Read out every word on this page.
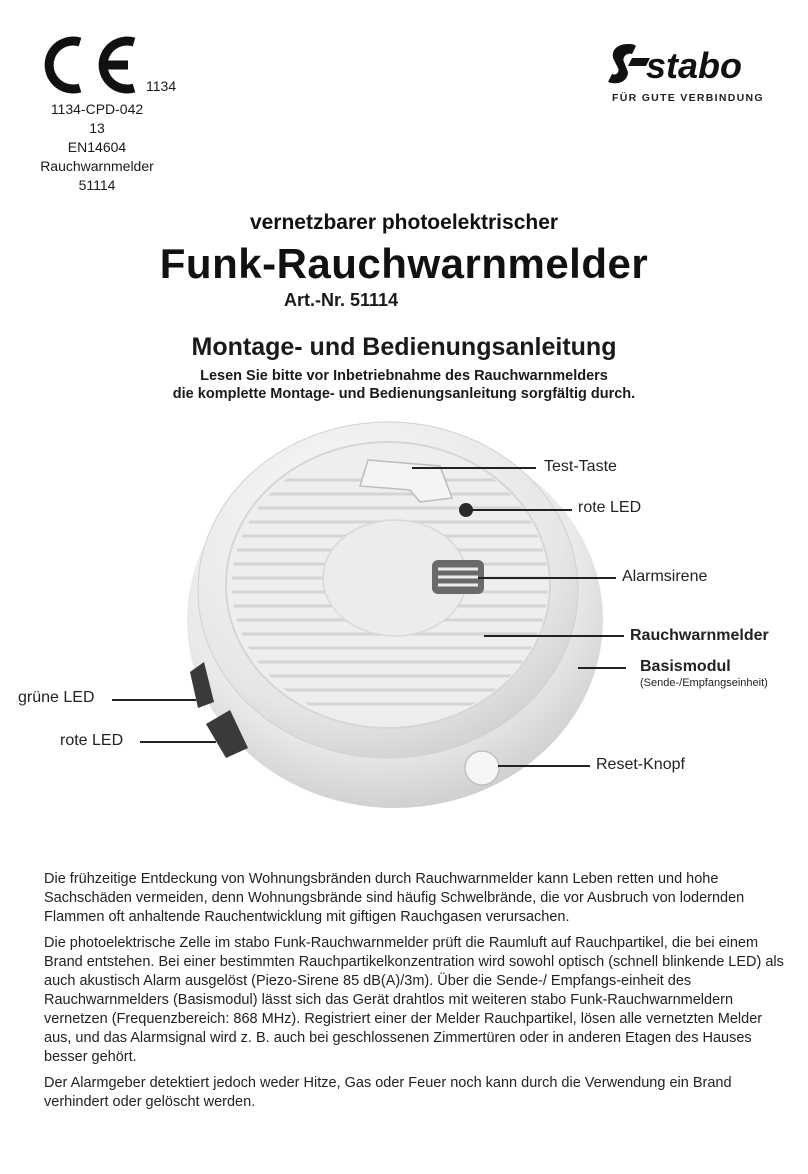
1134
1134-CPD-042
13
EN14604
Rauchwarnmelder
51114
stabo
FÜR GUTE VERBINDUNG
vernetzbarer photoelektrischer
Funk-Rauchwarnmelder
Art.-Nr. 51114
Montage- und Bedienungsanleitung
Lesen Sie bitte vor Inbetriebnahme des Rauchwarnmelders
die komplette Montage- und Bedienungsanleitung sorgfältig durch.
Test-Taste
rote LED
Alarmsirene
Rauchwarnmelder
Basismodul
(Sende-/Empfangseinheit)
grüne LED
rote LED
Reset-Knopf

Die frühzeitige Entdeckung von Wohnungsbränden durch Rauchwarnmelder kann Leben retten und hohe Sachschäden vermeiden, denn Wohnungsbrände sind häufig Schwelbrände, die vor Ausbruch von lodernden Flammen oft anhaltende Rauchentwicklung mit giftigen Rauchgasen verursachen.

Die photoelektrische Zelle im stabo Funk-Rauchwarnmelder prüft die Raumluft auf Rauchpartikel, die bei einem Brand entstehen. Bei einer bestimmten Rauchpartikelkonzentration wird sowohl optisch (schnell blinkende LED) als auch akustisch Alarm ausgelöst (Piezo-Sirene 85 dB(A)/3m). Über die Sende-/ Empfangs-einheit des Rauchwarnmelders (Basismodul) lässt sich das Gerät drahtlos mit weiteren stabo Funk-Rauchwarnmeldern vernetzen (Frequenzbereich: 868 MHz). Registriert einer der Melder Rauchpartikel, lösen alle vernetzten Melder aus, und das Alarmsignal wird z. B. auch bei geschlossenen Zimmertüren oder in anderen Etagen des Hauses besser gehört.

Der Alarmgeber detektiert jedoch weder Hitze, Gas oder Feuer noch kann durch die Verwendung ein Brand verhindert oder gelöscht werden.
